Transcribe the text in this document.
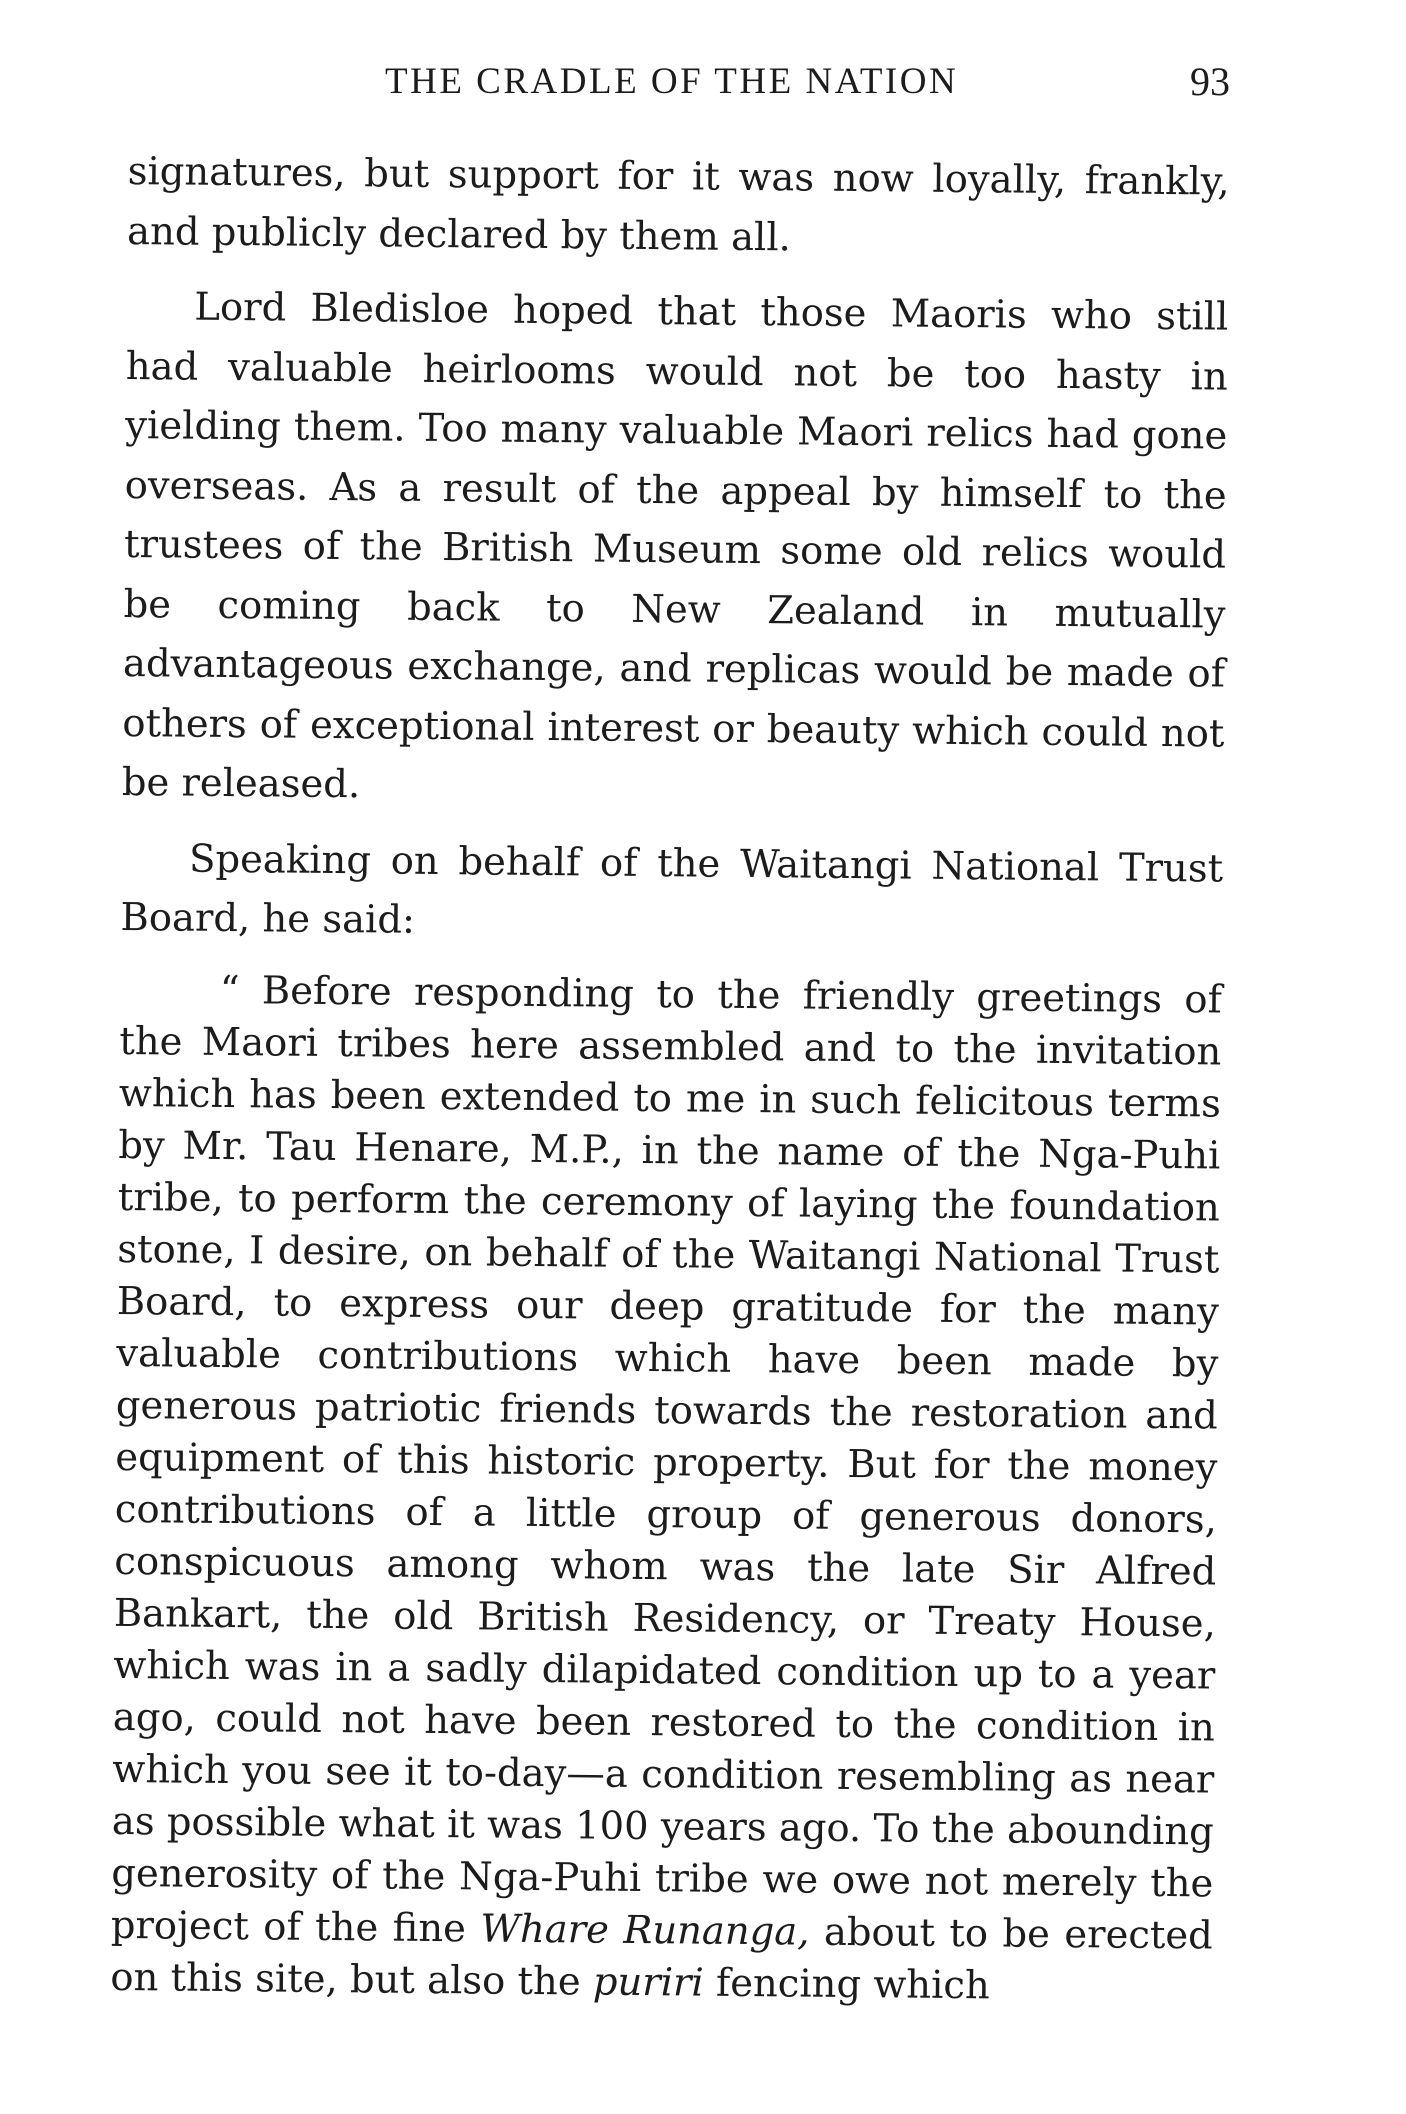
THE CRADLE OF THE NATION	93

signatures, but support for it was now loyally, frankly, and publicly declared by them all.

Lord Bledisloe hoped that those Maoris who still had valuable heirlooms would not be too hasty in yielding them. Too many valuable Maori relics had gone overseas. As a result of the appeal by himself to the trustees of the British Museum some old relics would be coming back to New Zealand in mutually advantageous exchange, and replicas would be made of others of exceptional interest or beauty which could not be released.

Speaking on behalf of the Waitangi National Trust Board, he said:

“ Before responding to the friendly greetings of the Maori tribes here assembled and to the invitation which has been extended to me in such felicitous terms by Mr. Tau Henare, M.P., in the name of the Nga-Puhi tribe, to perform the ceremony of laying the foundation stone, I desire, on behalf of the Waitangi National Trust Board, to express our deep gratitude for the many valuable contributions which have been made by generous patriotic friends towards the restoration and equipment of this historic property. But for the money contributions of a little group of generous donors, conspicuous among whom was the late Sir Alfred Bankart, the old British Residency, or Treaty House, which was in a sadly dilapidated condition up to a year ago, could not have been restored to the condition in which you see it to-day—a condition resembling as near as possible what it was 100 years ago. To the abounding generosity of the Nga-Puhi tribe we owe not merely the project of the fine Whare Runanga, about to be erected on this site, but also the puriri fencing which
